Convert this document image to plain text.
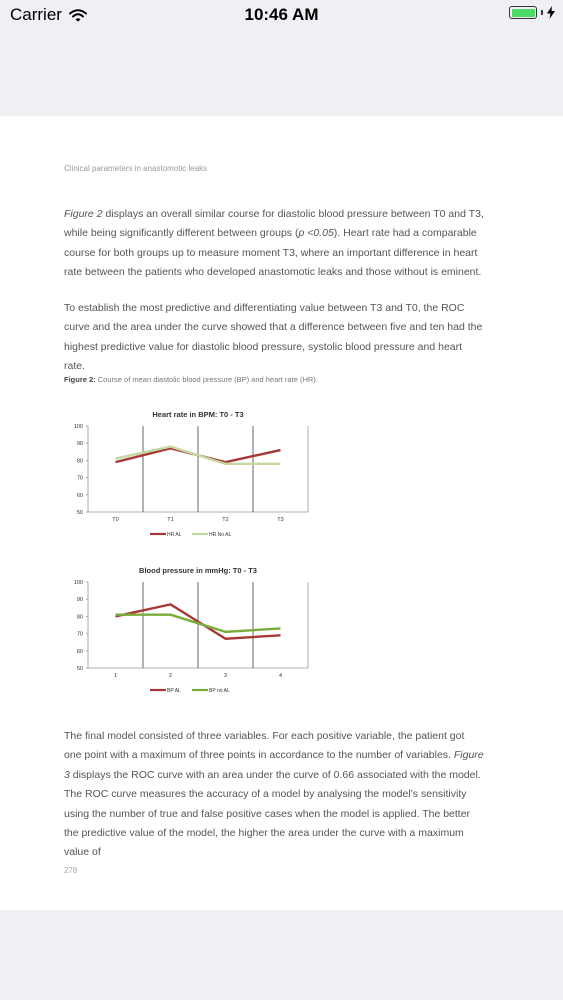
Carrier	10:46 AM
Clinical parameters in anastomotic leaks

Figure 2 displays an overall similar course for diastolic blood pressure between T0 and T3, while being significantly different between groups (p <0.05). Heart rate had a comparable course for both groups up to measure moment T3, where an important difference in heart rate between the patients who developed anastomotic leaks and those without is eminent.

To establish the most predictive and differentiating value between T3 and T0, the ROC curve and the area under the curve showed that a difference between five and ten had the highest predictive value for diastolic blood pressure, systolic blood pressure and heart rate.

Figure 2: Course of mean diastolic blood pressure (BP) and heart rate (HR).
Heart rate in BPM: T0 - T3
100
90
80
70
60
50
T0	T1	T2	T3
HR AL	HR No AL
Blood pressure in mmHg: T0 - T3
100
90
80
70
60
50
1	2	3	4
BP AL	BP no AL

The final model consisted of three variables. For each positive variable, the patient got one point with a maximum of three points in accordance to the number of variables. Figure 3 displays the ROC curve with an area under the curve of 0.66 associated with the model. The ROC curve measures the accuracy of a model by analysing the model’s sensitivity using the number of true and false positive cases when the model is applied. The better the predictive value of the model, the higher the area under the curve with a maximum value of

278
